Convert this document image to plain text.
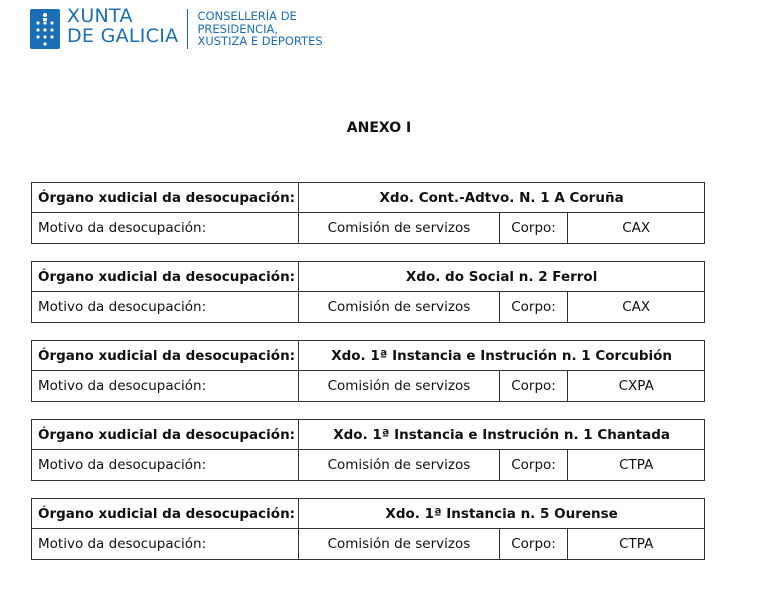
XUNTA
DE GALICIA
CONSELLERÍA DE
PRESIDENCIA,
XUSTIZA E DEPORTES
ANEXO I
Órgano xudicial da desocupación:	Xdo. Cont.-Adtvo. N. 1 A Coruña
Motivo da desocupación:	Comisión de servizos	Corpo:	CAX
Órgano xudicial da desocupación:	Xdo. do Social n. 2 Ferrol
Motivo da desocupación:	Comisión de servizos	Corpo:	CAX
Órgano xudicial da desocupación:	Xdo. 1ª Instancia e Instrución n. 1 Corcubión
Motivo da desocupación:	Comisión de servizos	Corpo:	CXPA
Órgano xudicial da desocupación:	Xdo. 1ª Instancia e Instrución n. 1 Chantada
Motivo da desocupación:	Comisión de servizos	Corpo:	CTPA
Órgano xudicial da desocupación:	Xdo. 1ª Instancia n. 5 Ourense
Motivo da desocupación:	Comisión de servizos	Corpo:	CTPA
